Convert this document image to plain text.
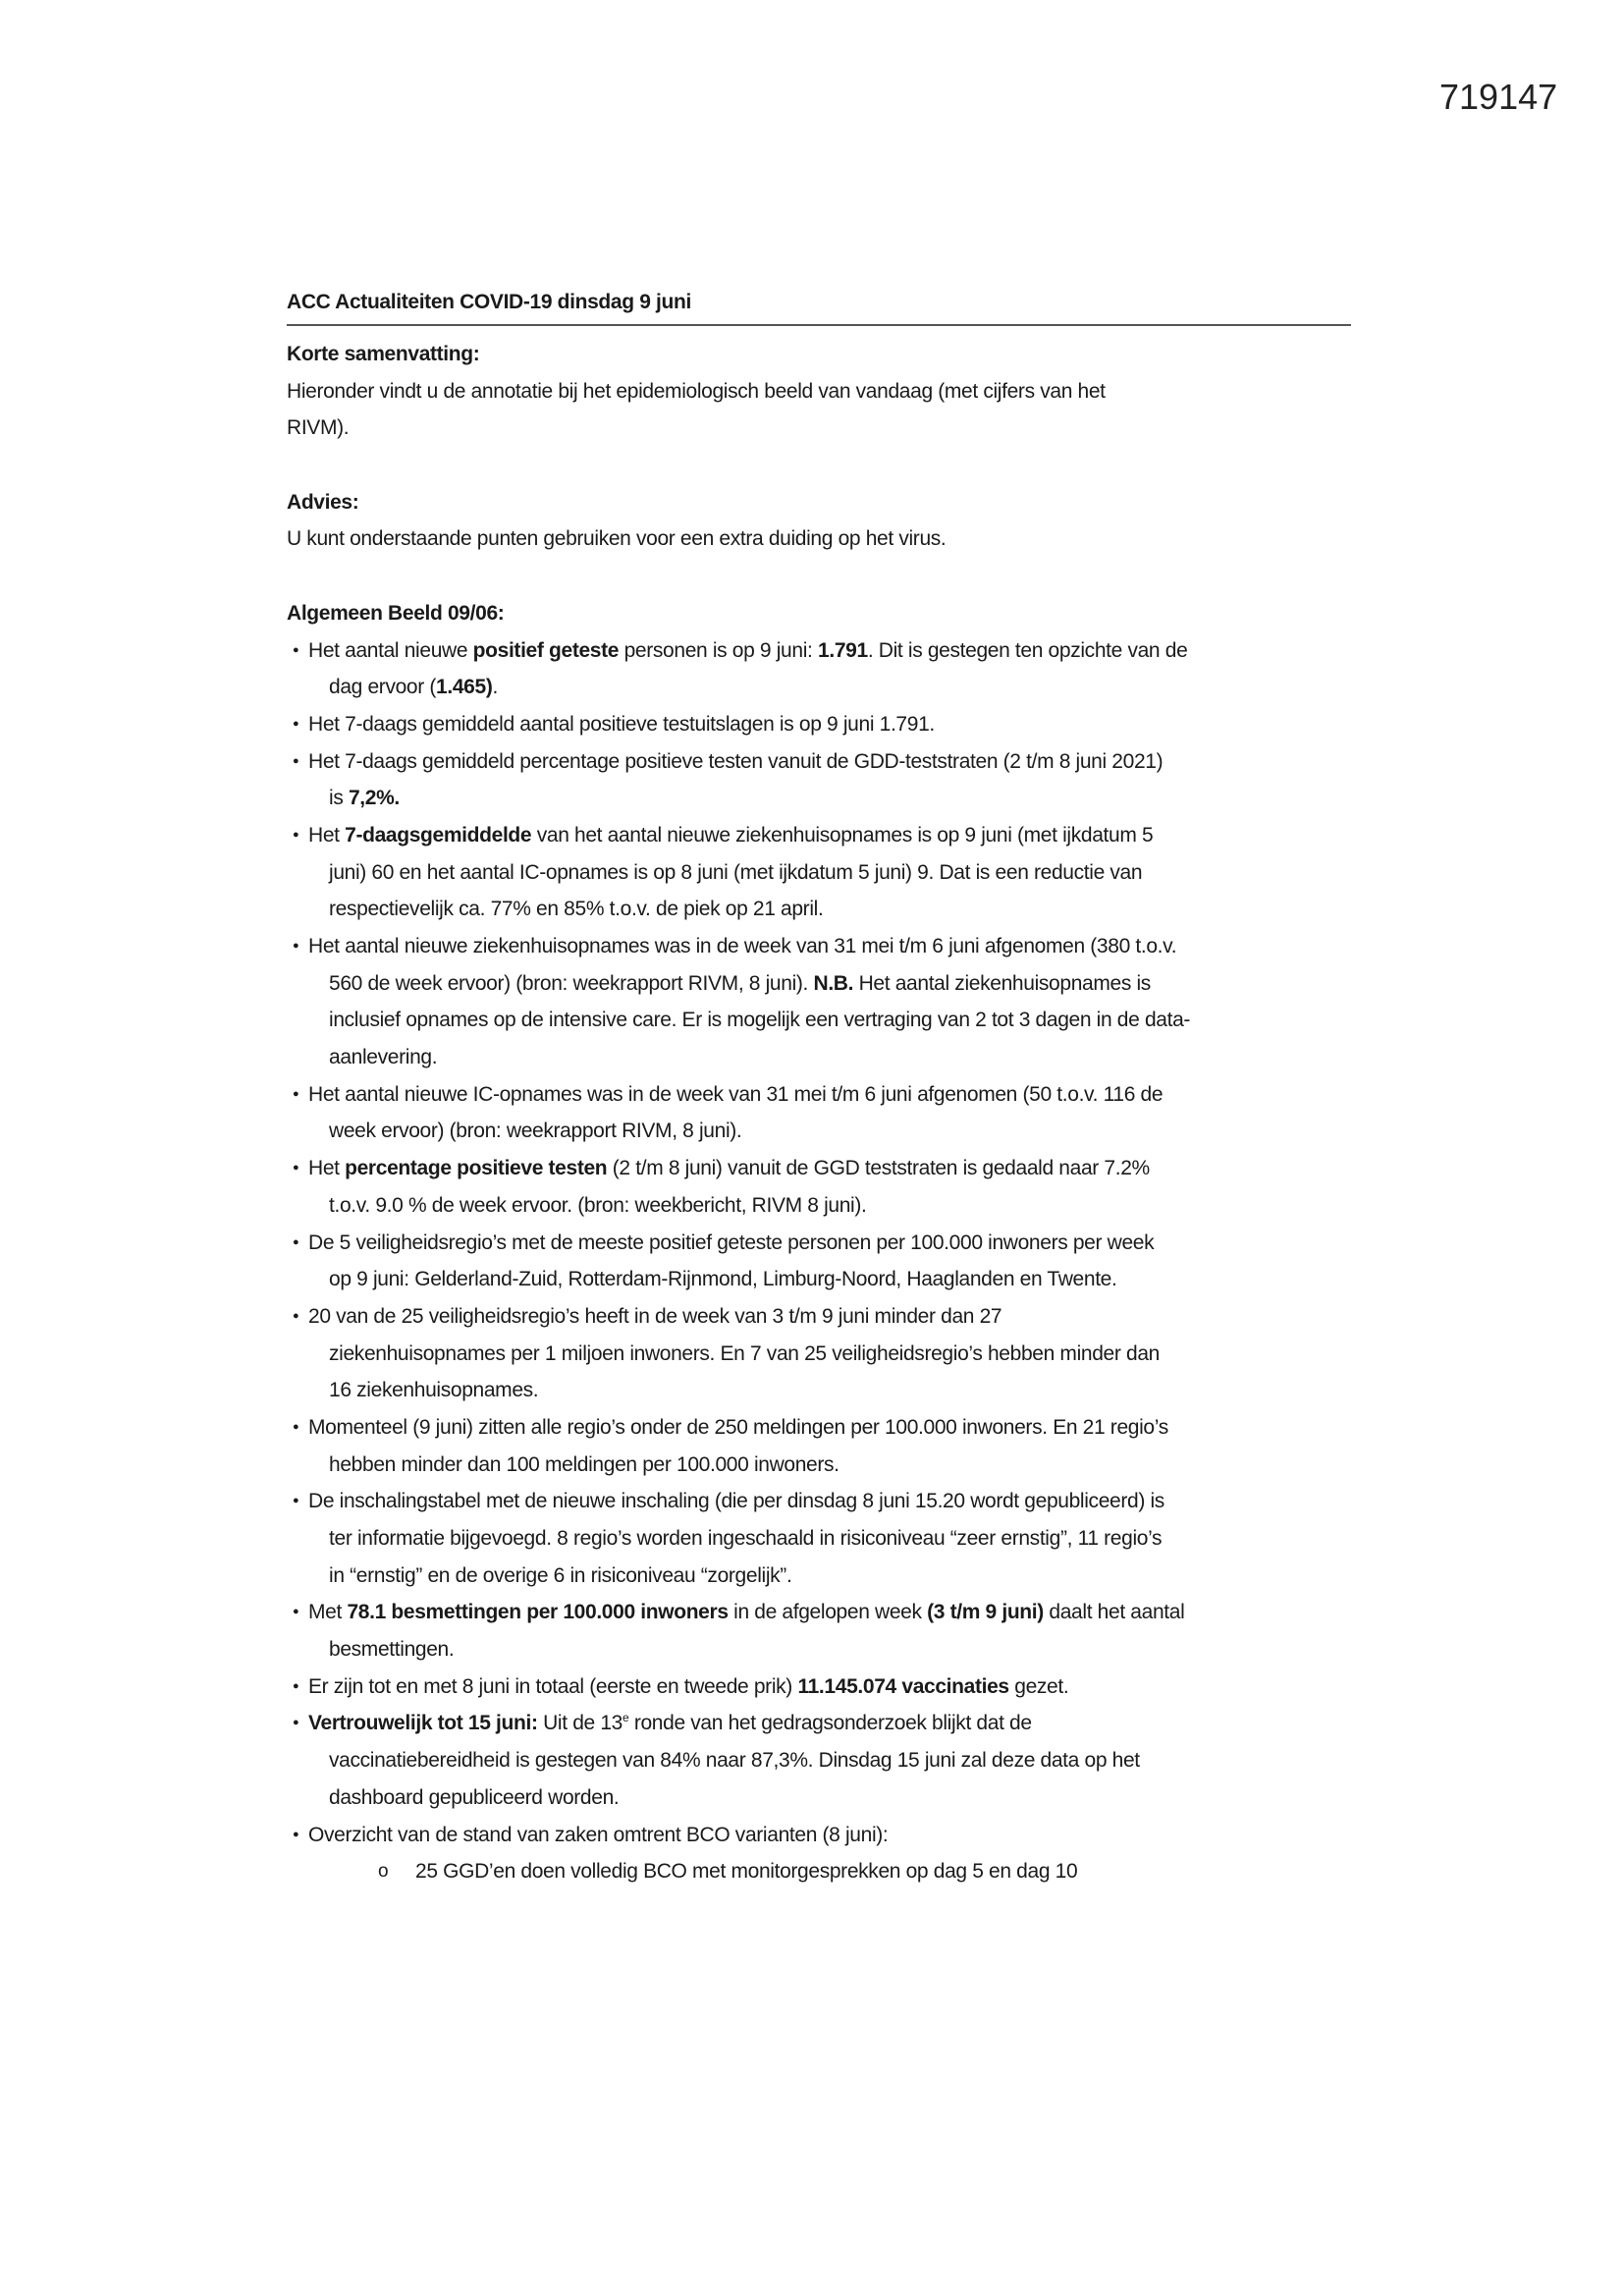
719147
ACC Actualiteiten COVID-19 dinsdag 9 juni
Korte samenvatting:
Hieronder vindt u de annotatie bij het epidemiologisch beeld van vandaag (met cijfers van het
RIVM).
Advies:
U kunt onderstaande punten gebruiken voor een extra duiding op het virus.
Algemeen Beeld 09/06:
● Het aantal nieuwe positief geteste personen is op 9 juni: 1.791. Dit is gestegen ten opzichte van de
dag ervoor (1.465).
● Het 7-daags gemiddeld aantal positieve testuitslagen is op 9 juni 1.791.
● Het 7-daags gemiddeld percentage positieve testen vanuit de GDD-teststraten (2 t/m 8 juni 2021)
is 7,2%.
● Het 7-daagsgemiddelde van het aantal nieuwe ziekenhuisopnames is op 9 juni (met ijkdatum 5
juni) 60 en het aantal IC-opnames is op 8 juni (met ijkdatum 5 juni) 9. Dat is een reductie van
respectievelijk ca. 77% en 85% t.o.v. de piek op 21 april.
● Het aantal nieuwe ziekenhuisopnames was in de week van 31 mei t/m 6 juni afgenomen (380 t.o.v.
560 de week ervoor) (bron: weekrapport RIVM, 8 juni). N.B. Het aantal ziekenhuisopnames is
inclusief opnames op de intensive care. Er is mogelijk een vertraging van 2 tot 3 dagen in de data-
aanlevering.
● Het aantal nieuwe IC-opnames was in de week van 31 mei t/m 6 juni afgenomen (50 t.o.v. 116 de
week ervoor) (bron: weekrapport RIVM, 8 juni).
● Het percentage positieve testen (2 t/m 8 juni) vanuit de GGD teststraten is gedaald naar 7.2%
t.o.v. 9.0 % de week ervoor. (bron: weekbericht, RIVM 8 juni).
● De 5 veiligheidsregio’s met de meeste positief geteste personen per 100.000 inwoners per week
op 9 juni: Gelderland-Zuid, Rotterdam-Rijnmond, Limburg-Noord, Haaglanden en Twente.
● 20 van de 25 veiligheidsregio’s heeft in de week van 3 t/m 9 juni minder dan 27
ziekenhuisopnames per 1 miljoen inwoners. En 7 van 25 veiligheidsregio’s hebben minder dan
16 ziekenhuisopnames.
● Momenteel (9 juni) zitten alle regio’s onder de 250 meldingen per 100.000 inwoners. En 21 regio’s
hebben minder dan 100 meldingen per 100.000 inwoners.
● De inschalingstabel met de nieuwe inschaling (die per dinsdag 8 juni 15.20 wordt gepubliceerd) is
ter informatie bijgevoegd. 8 regio’s worden ingeschaald in risiconiveau “zeer ernstig”, 11 regio’s
in “ernstig” en de overige 6 in risiconiveau “zorgelijk”.
● Met 78.1 besmettingen per 100.000 inwoners in de afgelopen week (3 t/m 9 juni) daalt het aantal
besmettingen.
● Er zijn tot en met 8 juni in totaal (eerste en tweede prik) 11.145.074 vaccinaties gezet.
● Vertrouwelijk tot 15 juni: Uit de 13e ronde van het gedragsonderzoek blijkt dat de
vaccinatiebereidheid is gestegen van 84% naar 87,3%. Dinsdag 15 juni zal deze data op het
dashboard gepubliceerd worden.
● Overzicht van de stand van zaken omtrent BCO varianten (8 juni):
o	25 GGD’en doen volledig BCO met monitorgesprekken op dag 5 en dag 10
